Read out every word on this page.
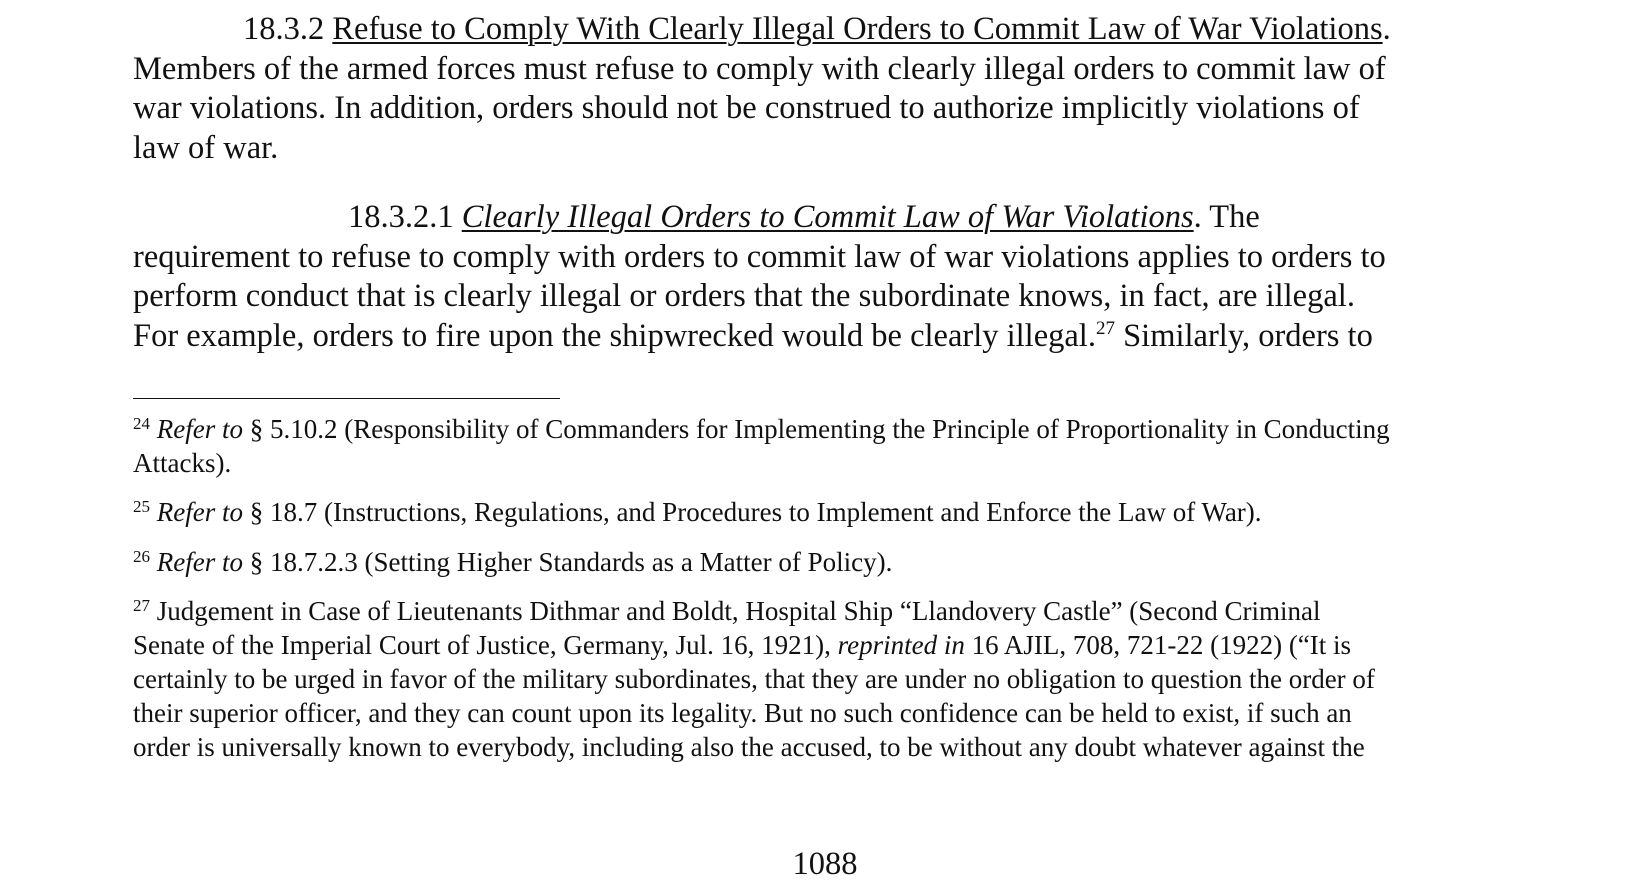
18.3.2 Refuse to Comply With Clearly Illegal Orders to Commit Law of War Violations.
Members of the armed forces must refuse to comply with clearly illegal orders to commit law of
war violations. In addition, orders should not be construed to authorize implicitly violations of
law of war.
18.3.2.1 Clearly Illegal Orders to Commit Law of War Violations. The
requirement to refuse to comply with orders to commit law of war violations applies to orders to
perform conduct that is clearly illegal or orders that the subordinate knows, in fact, are illegal.
For example, orders to fire upon the shipwrecked would be clearly illegal.$^{27}$ Similarly, orders to
$^{24}$ Refer to § 5.10.2 (Responsibility of Commanders for Implementing the Principle of Proportionality in Conducting
Attacks).
$^{25}$ Refer to § 18.7 (Instructions, Regulations, and Procedures to Implement and Enforce the Law of War).
$^{26}$ Refer to § 18.7.2.3 (Setting Higher Standards as a Matter of Policy).
$^{27}$ Judgement in Case of Lieutenants Dithmar and Boldt, Hospital Ship “Llandovery Castle” (Second Criminal
Senate of the Imperial Court of Justice, Germany, Jul. 16, 1921), reprinted in 16 AJIL, 708, 721-22 (1922) (“It is
certainly to be urged in favor of the military subordinates, that they are under no obligation to question the order of
their superior officer, and they can count upon its legality. But no such confidence can be held to exist, if such an
order is universally known to everybody, including also the accused, to be without any doubt whatever against the
1088
